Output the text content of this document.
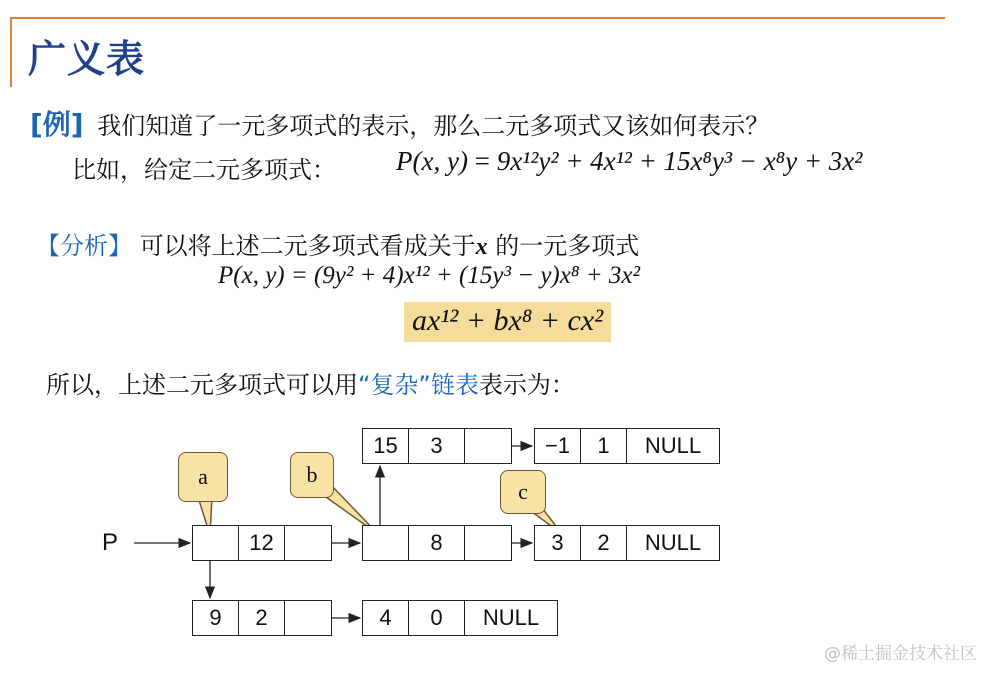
广义表
[例] 我们知道了一元多项式的表示，那么二元多项式又该如何表示？
比如，给定二元多项式： P(x, y) = 9x¹²y² + 4x¹² + 15x⁸y³ − x⁸y + 3x²
【分析】 可以将上述二元多项式看成关于x 的一元多项式
P(x, y) = (9y² + 4)x¹² + (15y³ − y)x⁸ + 3x²
ax¹² + bx⁸ + cx²
所以，上述二元多项式可以用“复杂”链表表示为：
a	b
c
P	12	8	3	2	NULL
15	3	−1	1	NULL
9	2	4	0	NULL
@稀土掘金技术社区
